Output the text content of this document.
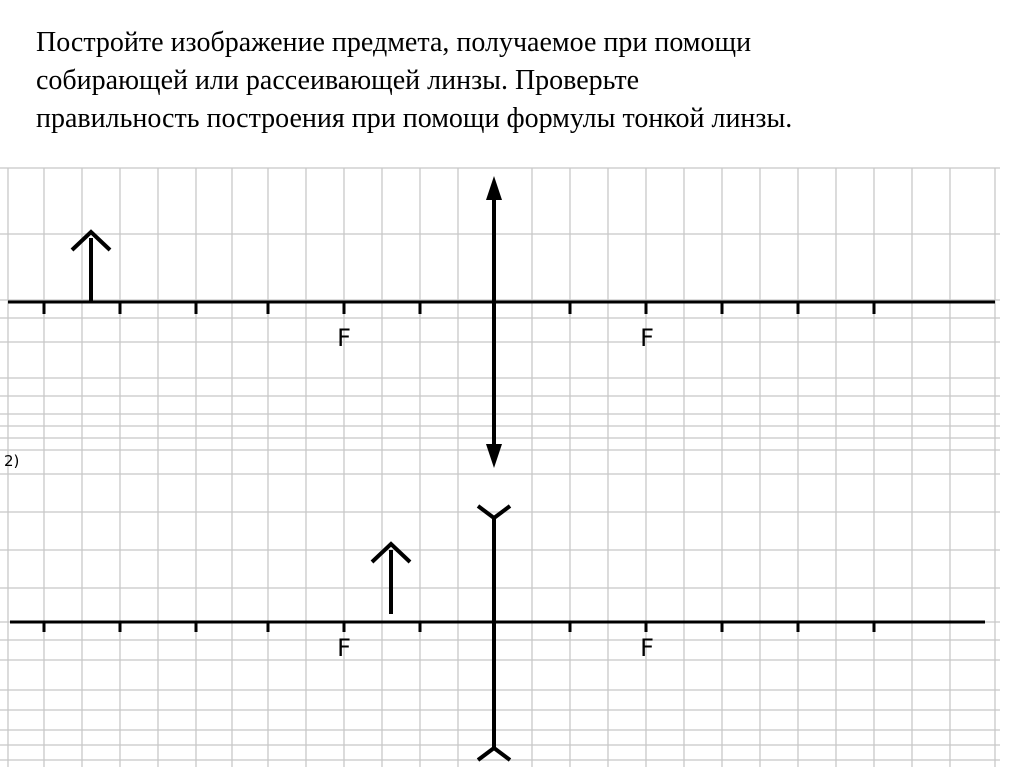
Постройте изображение предмета, получаемое при помощи
собирающей или рассеивающей линзы. Проверьте
правильность построения при помощи формулы тонкой линзы.
F	F
2)
F	F
